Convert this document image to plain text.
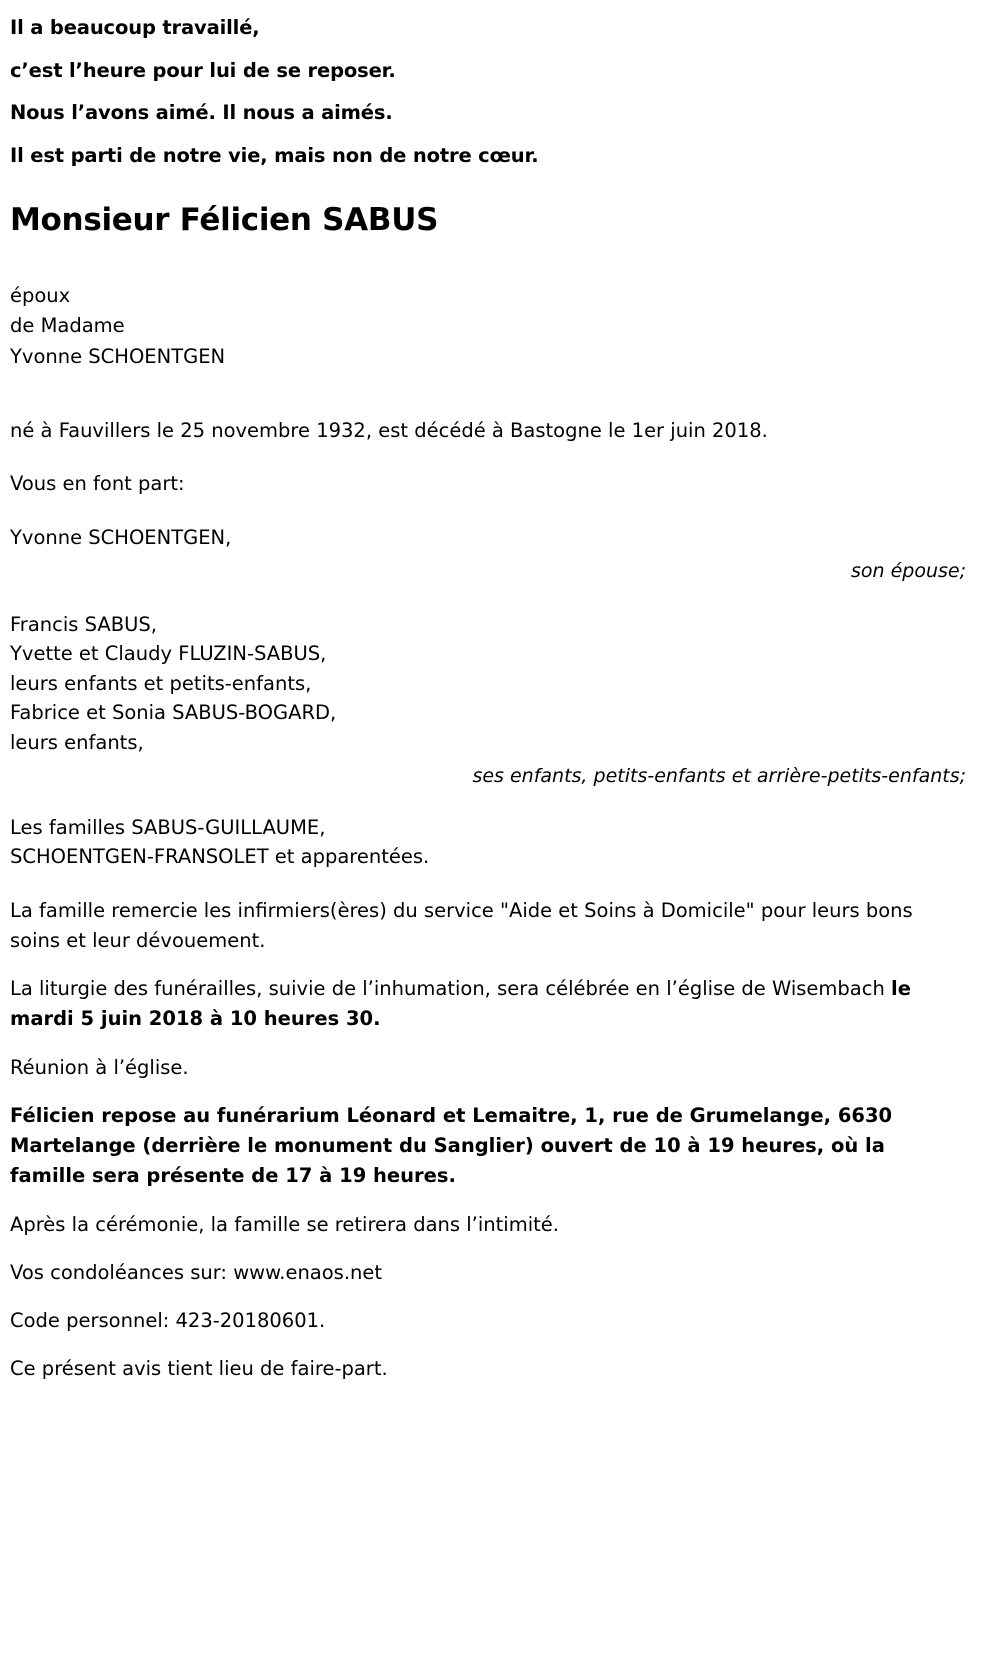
Il a beaucoup travaillé,

c’est l’heure pour lui de se reposer.

Nous l’avons aimé. Il nous a aimés.

Il est parti de notre vie, mais non de notre cœur.

Monsieur Félicien SABUS

époux

de Madame

Yvonne SCHOENTGEN

né à Fauvillers le 25 novembre 1932, est décédé à Bastogne le 1er juin 2018.

Vous en font part:

Yvonne SCHOENTGEN,

son épouse;

Francis SABUS,

Yvette et Claudy FLUZIN-SABUS,

leurs enfants et petits-enfants,

Fabrice et Sonia SABUS-BOGARD,

leurs enfants,

ses enfants, petits-enfants et arrière-petits-enfants;

Les familles SABUS-GUILLAUME,

SCHOENTGEN-FRANSOLET et apparentées.

La famille remercie les infirmiers(ères) du service "Aide et Soins à Domicile" pour leurs bons soins et leur dévouement.

La liturgie des funérailles, suivie de l’inhumation, sera célébrée en l’église de Wisembach le mardi 5 juin 2018 à 10 heures 30.

Réunion à l’église.

Félicien repose au funérarium Léonard et Lemaitre, 1, rue de Grumelange, 6630 Martelange (derrière le monument du Sanglier) ouvert de 10 à 19 heures, où la famille sera présente de 17 à 19 heures.

Après la cérémonie, la famille se retirera dans l’intimité.

Vos condoléances sur: www.enaos.net

Code personnel: 423-20180601.

Ce présent avis tient lieu de faire-part.
